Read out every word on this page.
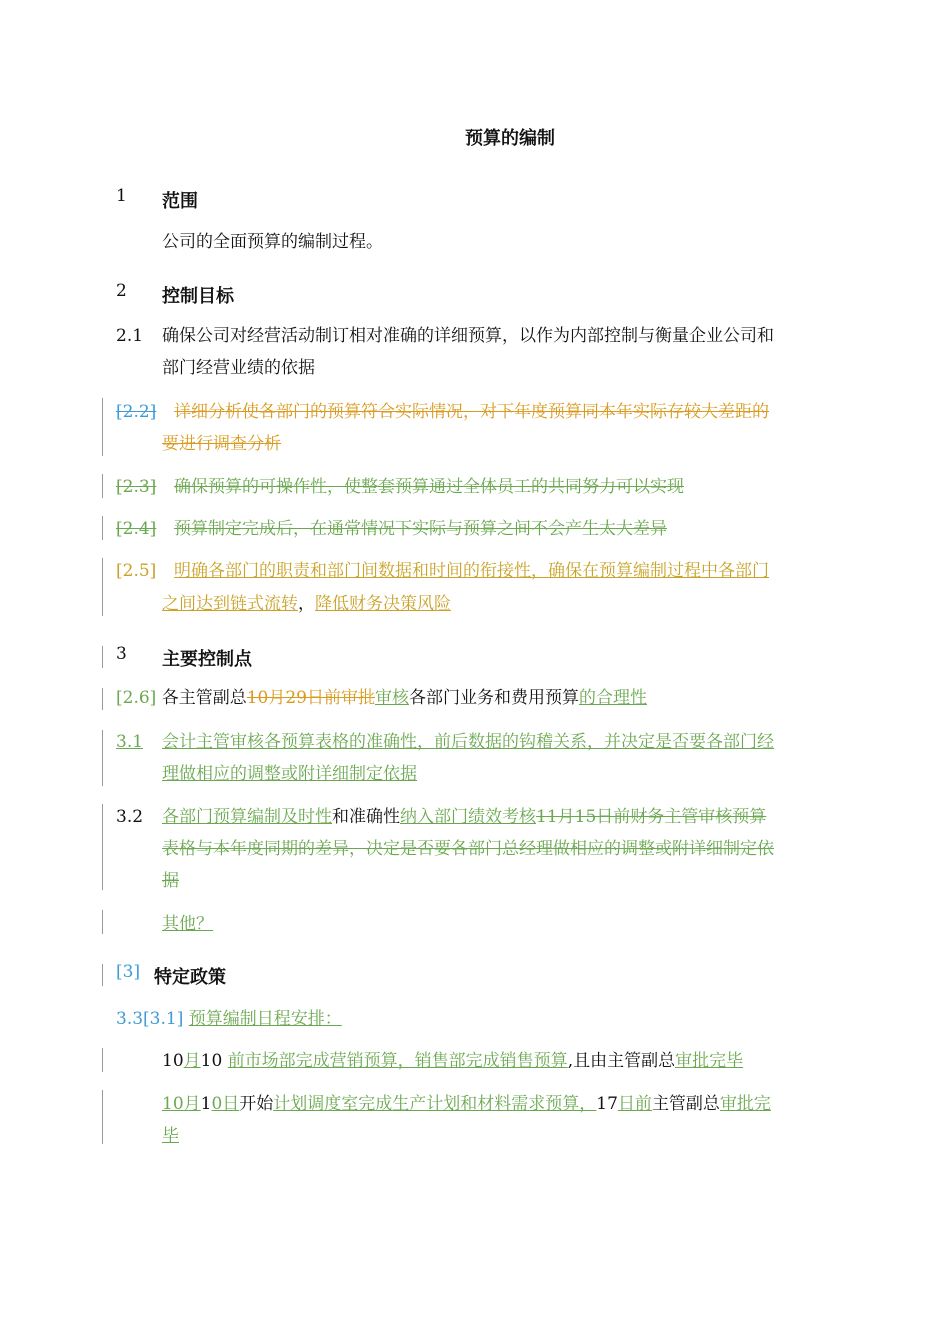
预算的编制
1 范围
公司的全面预算的编制过程。
2 控制目标
2.1 确保公司对经营活动制订相对准确的详细预算，以作为内部控制与衡量企业公司和
部门经营业绩的依据
[2.2] 详细分析使各部门的预算符合实际情况，对下年度预算同本年实际存较大差距的
要进行调查分析
[2.3] 确保预算的可操作性，使整套预算通过全体员工的共同努力可以实现
[2.4] 预算制定完成后，在通常情况下实际与预算之间不会产生太大差异
[2.5] 明确各部门的职责和部门间数据和时间的衔接性，确保在预算编制过程中各部门
之间达到链式流转，降低财务决策风险
3 主要控制点
[2.6] 各主管副总10月29日前审批审核各部门业务和费用预算的合理性
3.1 会计主管审核各预算表格的准确性，前后数据的钩稽关系，并决定是否要各部门经
理做相应的调整或附详细制定依据
3.2 各部门预算编制及时性和准确性纳入部门绩效考核11月15日前财务主管审核预算
表格与本年度同期的差异，决定是否要各部门总经理做相应的调整或附详细制定依
据
其他？
[3] 特定政策
3.3[3.1] 预算编制日程安排：
10月10 前市场部完成营销预算，销售部完成销售预算,且由主管副总审批完毕
10月10日开始计划调度室完成生产计划和材料需求预算，17日前主管副总审批完
毕
